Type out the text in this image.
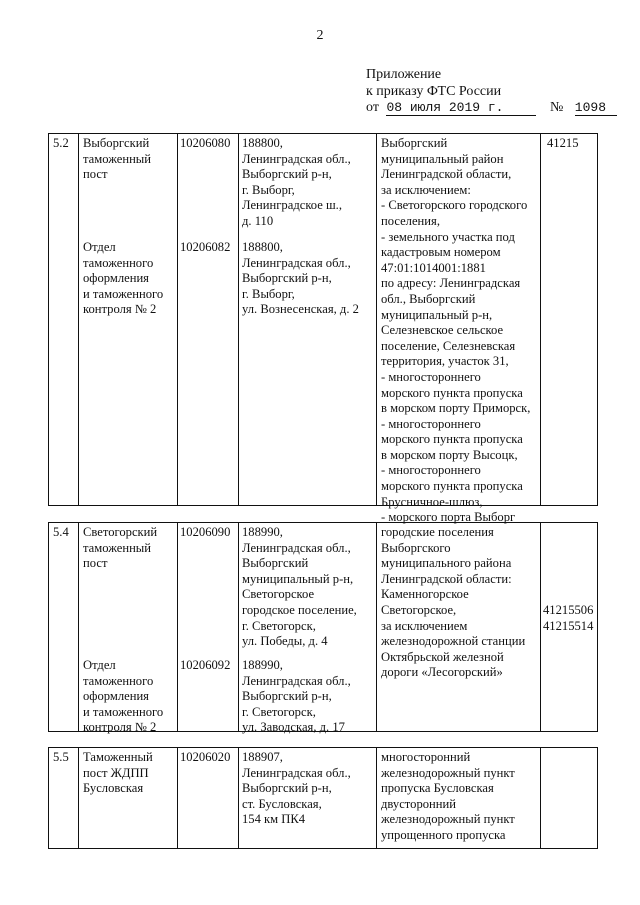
2
Приложение
к приказу ФТС России
от 08 июля 2019 г.	№ 1098
5.2 Выборгский
таможенный
пост
10206080 188800,
Ленинградская обл.,
Выборгский р-н,
г. Выборг,
Ленинградское ш.,
д. 110
Отдел
таможенного
оформления
и таможенного
контроля № 2
10206082 188800,
Ленинградская обл.,
Выборгский р-н,
г. Выборг,
ул. Вознесенская, д. 2
Выборгский
муниципальный район
Ленинградской области,
за исключением:
- Светогорского городского
поселения,
- земельного участка под
кадастровым номером
47:01:1014001:1881
по адресу: Ленинградская
обл., Выборгский
муниципальный р-н,
Селезневское сельское
поселение, Селезневская
территория, участок 31,
- многостороннего
морского пункта пропуска
в морском порту Приморск,
- многостороннего
морского пункта пропуска
в морском порту Высоцк,
- многостороннего
морского пункта пропуска
Брусничное-шлюз,
- морского порта Выборг
41215
5.4 Светогорский
таможенный
пост
10206090 188990,
Ленинградская обл.,
Выборгский
муниципальный р-н,
Светогорское
городское поселение,
г. Светогорск,
ул. Победы, д. 4
Отдел
таможенного
оформления
и таможенного
контроля № 2
10206092 188990,
Ленинградская обл.,
Выборгский р-н,
г. Светогорск,
ул. Заводская, д. 17
городские поселения
Выборгского
муниципального района
Ленинградской области:
Каменногорское
Светогорское,
за исключением
железнодорожной станции
Октябрьской железной
дороги «Лесогорский»
41215506
41215514
5.5 Таможенный
пост ЖДПП
Бусловская
10206020 188907,
Ленинградская обл.,
Выборгский р-н,
ст. Бусловская,
154 км ПК4
многосторонний
железнодорожный пункт
пропуска Бусловская
двусторонний
железнодорожный пункт
упрощенного пропуска
